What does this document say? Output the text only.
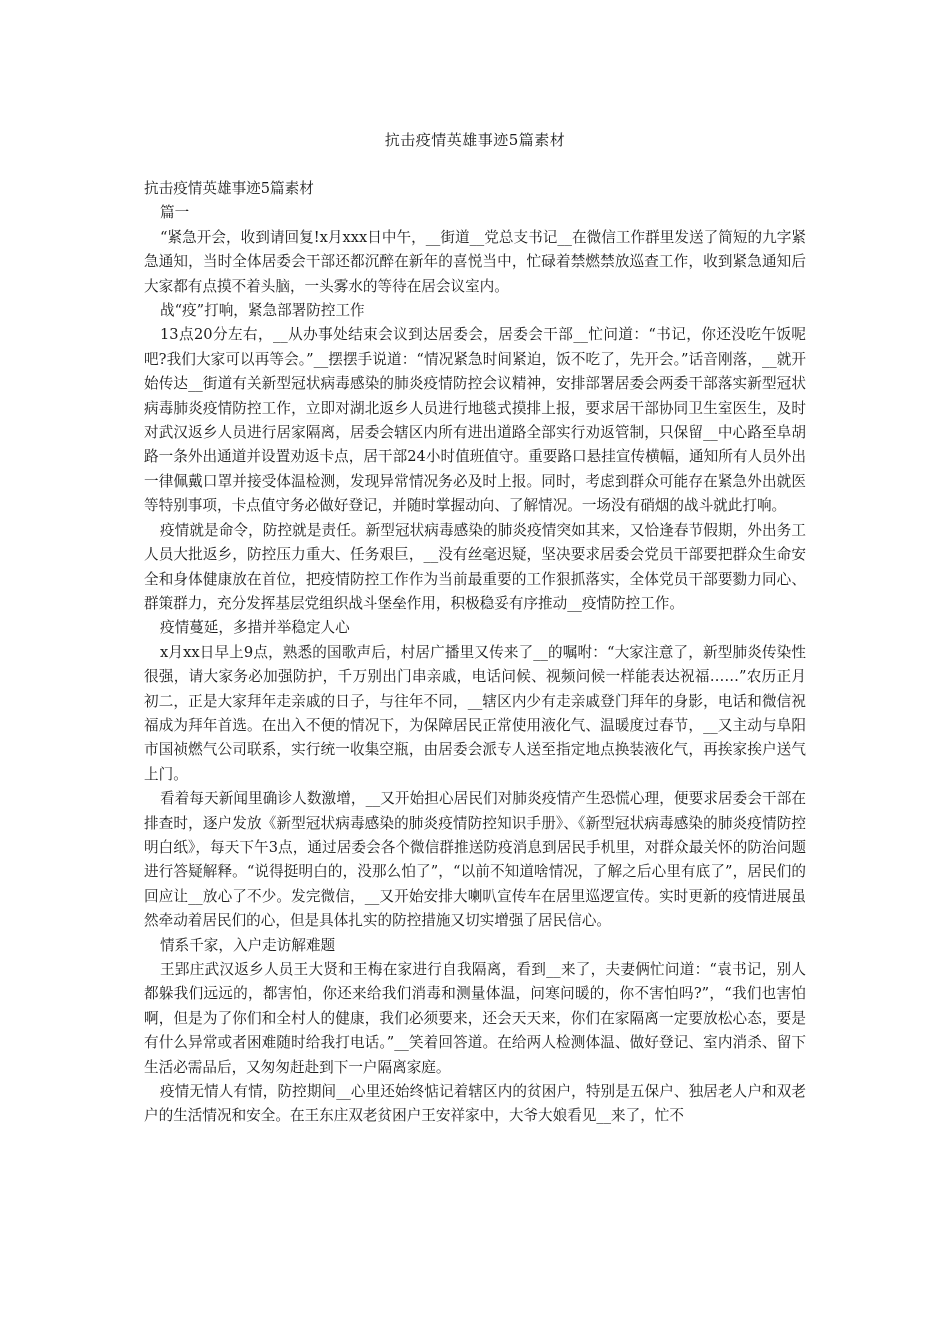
抗击疫情英雄事迹5篇素材

抗击疫情英雄事迹5篇素材

篇一

“紧急开会，收到请回复!x月xxx日中午，__街道__党总支书记__在微信工作群里发送了简短的九字紧急通知，当时全体居委会干部还都沉醉在新年的喜悦当中，忙碌着禁燃禁放巡查工作，收到紧急通知后大家都有点摸不着头脑，一头雾水的等待在居会议室内。

战“疫”打响，紧急部署防控工作

13点20分左右，__从办事处结束会议到达居委会，居委会干部__忙问道：“书记，你还没吃午饭呢吧?我们大家可以再等会。”__摆摆手说道：“情况紧急时间紧迫，饭不吃了，先开会。”话音刚落，__就开始传达__街道有关新型冠状病毒感染的肺炎疫情防控会议精神，安排部署居委会两委干部落实新型冠状病毒肺炎疫情防控工作，立即对湖北返乡人员进行地毯式摸排上报，要求居干部协同卫生室医生，及时对武汉返乡人员进行居家隔离，居委会辖区内所有进出道路全部实行劝返管制，只保留__中心路至阜胡路一条外出通道并设置劝返卡点，居干部24小时值班值守。重要路口悬挂宣传横幅，通知所有人员外出一律佩戴口罩并接受体温检测，发现异常情况务必及时上报。同时，考虑到群众可能存在紧急外出就医等特别事项，卡点值守务必做好登记，并随时掌握动向、了解情况。一场没有硝烟的战斗就此打响。

疫情就是命令，防控就是责任。新型冠状病毒感染的肺炎疫情突如其来，又恰逢春节假期，外出务工人员大批返乡，防控压力重大、任务艰巨，__没有丝毫迟疑，坚决要求居委会党员干部要把群众生命安全和身体健康放在首位，把疫情防控工作作为当前最重要的工作狠抓落实，全体党员干部要勠力同心、群策群力，充分发挥基层党组织战斗堡垒作用，积极稳妥有序推动__疫情防控工作。

疫情蔓延，多措并举稳定人心

x月xx日早上9点，熟悉的国歌声后，村居广播里又传来了__的嘱咐：“大家注意了，新型肺炎传染性很强，请大家务必加强防护，千万别出门串亲戚，电话问候、视频问候一样能表达祝福……”农历正月初二，正是大家拜年走亲戚的日子，与往年不同，__辖区内少有走亲戚登门拜年的身影，电话和微信祝福成为拜年首选。在出入不便的情况下，为保障居民正常使用液化气、温暖度过春节，__又主动与阜阳市国祯燃气公司联系，实行统一收集空瓶，由居委会派专人送至指定地点换装液化气，再挨家挨户送气上门。

看着每天新闻里确诊人数激增，__又开始担心居民们对肺炎疫情产生恐慌心理，便要求居委会干部在排查时，逐户发放《新型冠状病毒感染的肺炎疫情防控知识手册》、《新型冠状病毒感染的肺炎疫情防控明白纸》，每天下午3点，通过居委会各个微信群推送防疫消息到居民手机里，对群众最关怀的防治问题进行答疑解释。“说得挺明白的，没那么怕了”，“以前不知道啥情况，了解之后心里有底了”，居民们的回应让__放心了不少。发完微信，__又开始安排大喇叭宣传车在居里巡逻宣传。实时更新的疫情进展虽然牵动着居民们的心，但是具体扎实的防控措施又切实增强了居民信心。

情系千家，入户走访解难题

王郢庄武汉返乡人员王大贤和王梅在家进行自我隔离，看到__来了，夫妻俩忙问道：“袁书记，别人都躲我们远远的，都害怕，你还来给我们消毒和测量体温，问寒问暖的，你不害怕吗?”，“我们也害怕啊，但是为了你们和全村人的健康，我们必须要来，还会天天来，你们在家隔离一定要放松心态，要是有什么异常或者困难随时给我打电话。”__笑着回答道。在给两人检测体温、做好登记、室内消杀、留下生活必需品后，又匆匆赶赴到下一户隔离家庭。

疫情无情人有情，防控期间__心里还始终惦记着辖区内的贫困户，特别是五保户、独居老人户和双老户的生活情况和安全。在王东庄双老贫困户王安祥家中，大爷大娘看见__来了，忙不
